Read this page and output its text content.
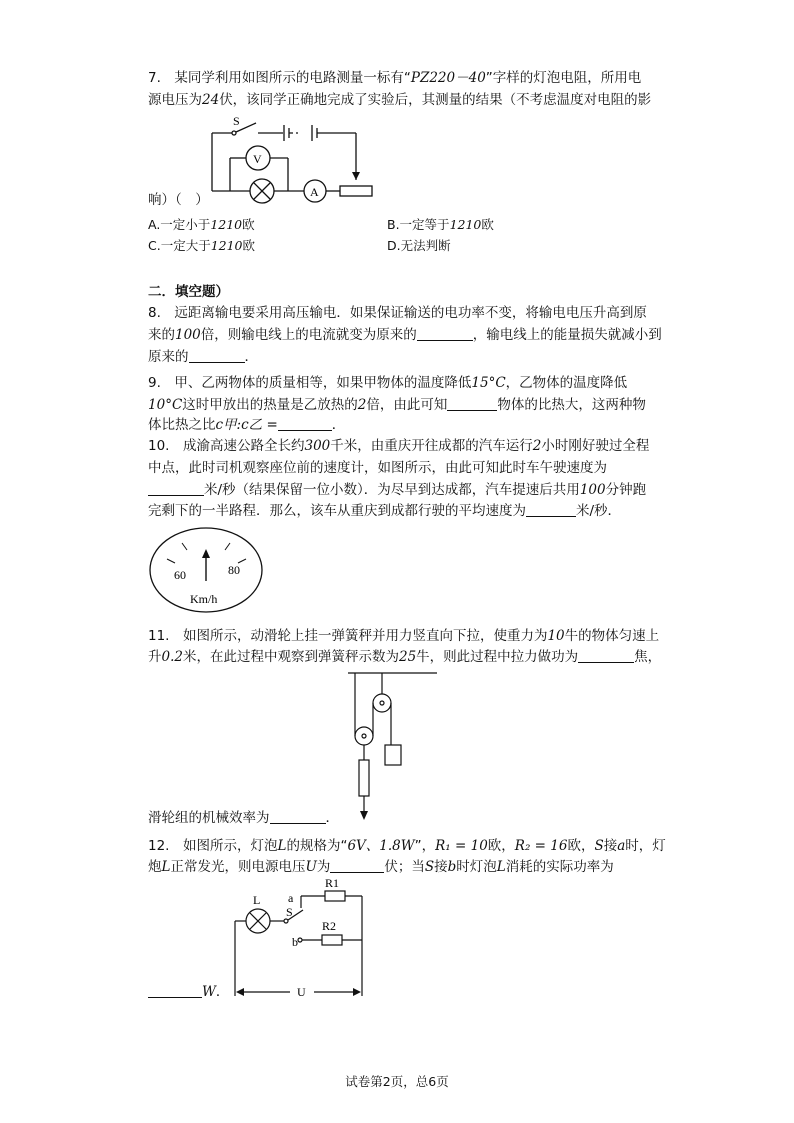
7.　某同学利用如图所示的电路测量一标有“PZ220－40”字样的灯泡电阻，所用电
源电压为24伏，该同学正确地完成了实验后，其测量的结果（不考虑温度对电阻的影
S
V
A
响）（　）
A.一定小于1210欧	B.一定等于1210欧
C.一定大于1210欧	D.无法判断
二．填空题）
8.　远距离输电要采用高压输电．如果保证输送的电功率不变，将输电电压升高到原
来的100倍，则输电线上的电流就变为原来的	，输电线上的能量损失就减小到
原来的	．
9.　甲、乙两物体的质量相等，如果甲物体的温度降低15°C，乙物体的温度降低
10°C这时甲放出的热量是乙放热的2倍，由此可知	物体的比热大，这两种物
体比热之比c甲:c乙 =	．
10.　成渝高速公路全长约300千米，由重庆开往成都的汽车运行2小时刚好驶过全程
中点，此时司机观察座位前的速度计，如图所示，由此可知此时车午驶速度为
米/秒（结果保留一位小数）．为尽早到达成都，汽车提速后共用100分钟跑
完剩下的一半路程．那么，该车从重庆到成都行驶的平均速度为	米/秒．
60	80
Km/h
11.　如图所示，动滑轮上挂一弹簧秤并用力竖直向下拉，使重力为10牛的物体匀速上
升0.2米，在此过程中观察到弹簧秤示数为25牛，则此过程中拉力做功为	焦，
滑轮组的机械效率为	．
12.　如图所示，灯泡L的规格为“6V、1.8W”，R₁ = 10欧，R₂ = 16欧，S接a时，灯
炮L正常发光，则电源电压U为	伏；当S接b时灯泡L消耗的实际功率为
L a
b
S
R1
R2
U
W．
试卷第2页，总6页
